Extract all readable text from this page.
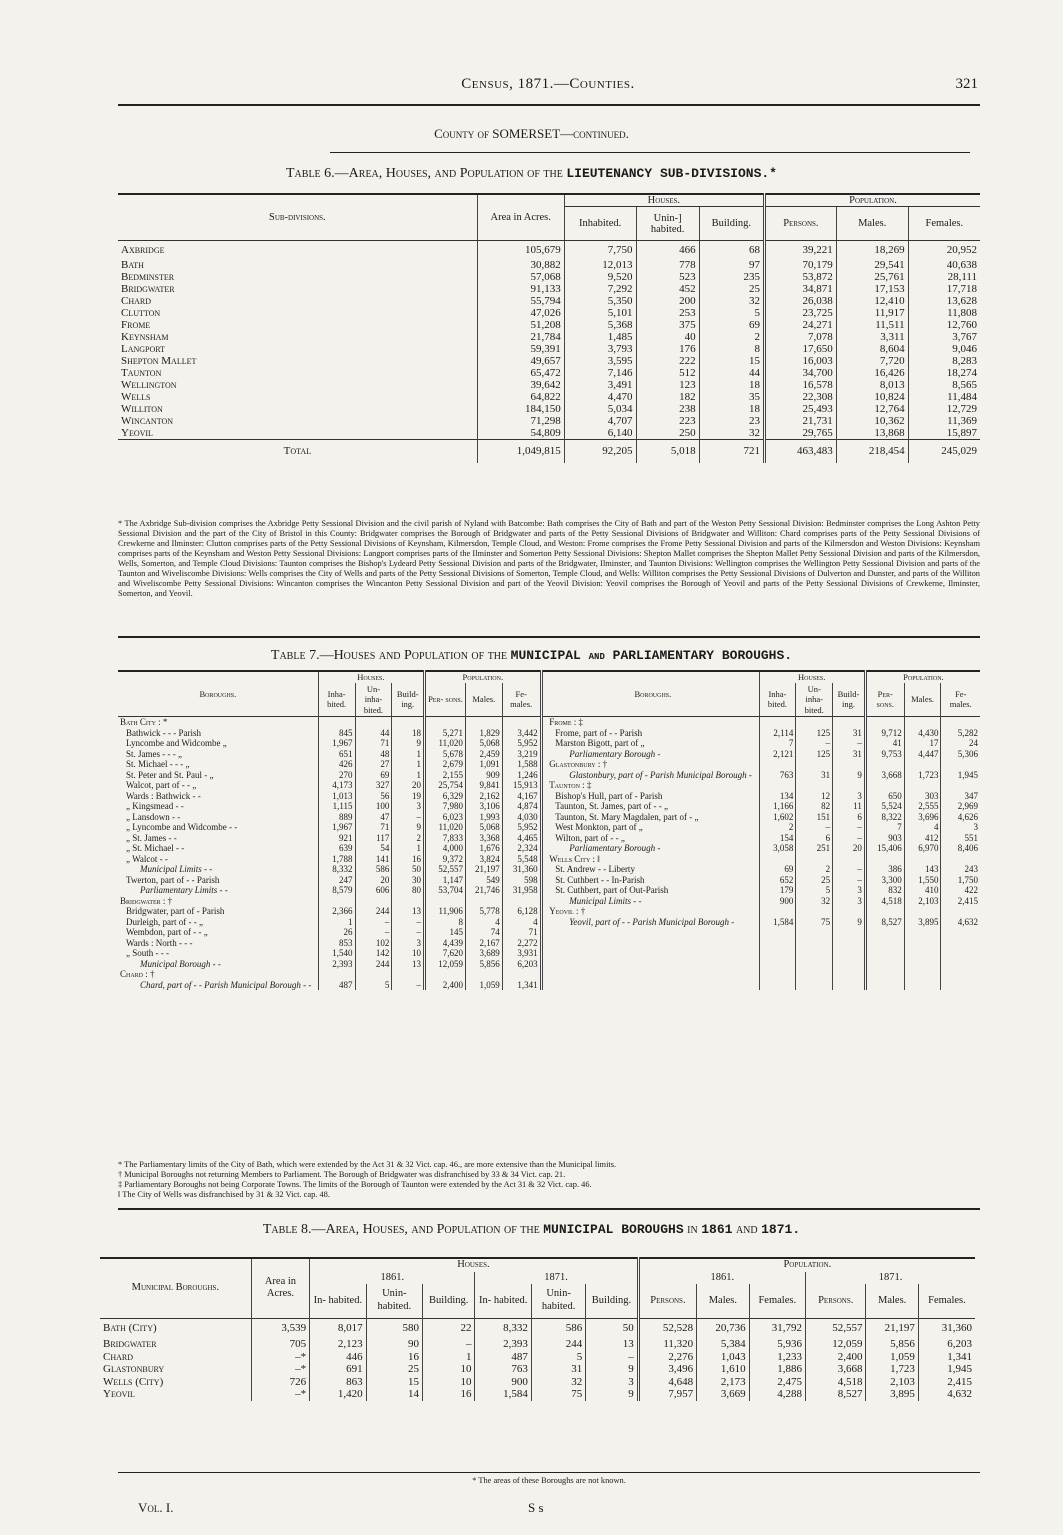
Census, 1871.—Counties.	321
County of SOMERSET—continued.
Table 6.—Area, Houses, and Population of the LIEUTENANCY SUB-DIVISIONS.*
Sub-divisions.	Area in Acres.	Houses.			Population.		
		Inhabited.	Unin-] habited.	Building.	Persons.	Males.	Females.
Axbridge	105,679	7,750	466	68	39,221	18,269	20,952
Bath	30,882	12,013	778	97	70,179	29,541	40,638
Bedminster	57,068	9,520	523	235	53,872	25,761	28,111
Bridgwater	91,133	7,292	452	25	34,871	17,153	17,718
Chard	55,794	5,350	200	32	26,038	12,410	13,628
Clutton	47,026	5,101	253	5	23,725	11,917	11,808
Frome	51,208	5,368	375	69	24,271	11,511	12,760
Keynsham	21,784	1,485	40	2	7,078	3,311	3,767
Langport	59,391	3,793	176	8	17,650	8,604	9,046
Shepton Mallet	49,657	3,595	222	15	16,003	7,720	8,283
Taunton	65,472	7,146	512	44	34,700	16,426	18,274
Wellington	39,642	3,491	123	18	16,578	8,013	8,565
Wells	64,822	4,470	182	35	22,308	10,824	11,484
Williton	184,150	5,034	238	18	25,493	12,764	12,729
Wincanton	71,298	4,707	223	23	21,731	10,362	11,369
Yeovil	54,809	6,140	250	32	29,765	13,868	15,897
Total	1,049,815	92,205	5,018	721	463,483	218,454	245,029
* The Axbridge Sub-division comprises the Axbridge Petty Sessional Division and the civil parish of Nyland with Batcombe: Bath comprises the City of Bath and part of the Weston Petty Sessional Division: Bedminster comprises the Long Ashton Petty Sessional Division and the part of the City of Bristol in this County: Bridgwater comprises the Borough of Bridgwater and parts of the Petty Sessional Divisions of Bridgwater and Williton: Chard comprises parts of the Petty Sessional Divisions of Crewkerne and Ilminster: Clutton comprises parts of the Petty Sessional Divisions of Keynsham, Kilmersdon, Temple Cloud, and Weston: Frome comprises the Frome Petty Sessional Division and parts of the Kilmersdon and Weston Divisions: Keynsham comprises parts of the Keynsham and Weston Petty Sessional Divisions: Langport comprises parts of the Ilminster and Somerton Petty Sessional Divisions: Shepton Mallet comprises the Shepton Mallet Petty Sessional Division and parts of the Kilmersdon, Wells, Somerton, and Temple Cloud Divisions: Taunton comprises the Bishop's Lydeard Petty Sessional Division and parts of the Bridgwater, Ilminster, and Taunton Divisions: Wellington comprises the Wellington Petty Sessional Division and parts of the Taunton and Wiveliscombe Divisions: Wells comprises the City of Wells and parts of the Petty Sessional Divisions of Somerton, Temple Cloud, and Wells: Williton comprises the Petty Sessional Divisions of Dulverton and Dunster, and parts of the Williton and Wiveliscombe Petty Sessional Divisions: Wincanton comprises the Wincanton Petty Sessional Division and part of the Yeovil Division: Yeovil comprises the Borough of Yeovil and parts of the Petty Sessional Divisions of Crewkerne, Ilminster, Somerton, and Yeovil.
Table 7.—Houses and Population of the MUNICIPAL and PARLIAMENTARY BOROUGHS.
Boroughs.	Houses.			Population.				Boroughs.	Houses.			Population.		
	Inha- bited.	Un- inha- bited.	Build- ing.	Per- sons.	Males.	Fe- males.			Inha- bited.	Un- inha- bited.	Build- ing.	Per- sons.	Males.	Fe- males.
Bath City : *								Frome : ‡						
Bathwick - - - Parish	845	44	18	5,271	1,829	3,442		Frome, part of - - Parish	2,114	125	31	9,712	4,430	5,282
Lyncombe and Widcombe „	1,967	71	9	11,020	5,068	5,952		Marston Bigott, part of „	7	–	–	41	17	24
St. James - - - „	651	48	1	5,678	2,459	3,219		Parliamentary Borough -	2,121	125	31	9,753	4,447	5,306
St. Michael - - - „	426	27	1	2,679	1,091	1,588		Glastonbury : †						
St. Peter and St. Paul - „	270	69	1	2,155	909	1,246		Glastonbury, part of - Parish Municipal Borough -	763	31	9	3,668	1,723	1,945
Walcot, part of - - „	4,173	327	20	25,754	9,841	15,913		Taunton : ‡						
Wards : Bathwick - -	1,013	56	19	6,329	2,162	4,167		Bishop's Hull, part of - Parish	134	12	3	650	303	347
„ Kingsmead - -	1,115	100	3	7,980	3,106	4,874		Taunton, St. James, part of - - „	1,166	82	11	5,524	2,555	2,969
„ Lansdown - -	889	47	–	6,023	1,993	4,030		Taunton, St. Mary Magdalen, part of - „	1,602	151	6	8,322	3,696	4,626
„ Lyncombe and Widcombe - -	1,967	71	9	11,020	5,068	5,952		West Monkton, part of „	2	–	–	7	4	3
„ St. James - -	921	117	2	7,833	3,368	4,465		Wilton, part of - - „	154	6	–	903	412	551
„ St. Michael - -	639	54	1	4,000	1,676	2,324		Parliamentary Borough -	3,058	251	20	15,406	6,970	8,406
„ Walcot - -	1,788	141	16	9,372	3,824	5,548		Wells City : ‖						
Municipal Limits - -	8,332	586	50	52,557	21,197	31,360		St. Andrew - - Liberty	69	2	–	386	143	243
Twerton, part of - - Parish	247	20	30	1,147	549	598		St. Cuthbert - - In-Parish	652	25	–	3,300	1,550	1,750
Parliamentary Limits - -	8,579	606	80	53,704	21,746	31,958		St. Cuthbert, part of Out-Parish	179	5	3	832	410	422
Bridgwater : †								Municipal Limits - -	900	32	3	4,518	2,103	2,415
Bridgwater, part of - Parish	2,366	244	13	11,906	5,778	6,128		Yeovil : †						
Durleigh, part of - - „	1	–	–	8	4	4		Yeovil, part of - - Parish Municipal Borough -	1,584	75	9	8,527	3,895	4,632
Wembdon, part of - - „	26	–	–	145	74	71								
Wards : North - - -	853	102	3	4,439	2,167	2,272								
„ South - - -	1,540	142	10	7,620	3,689	3,931								
Municipal Borough - -	2,393	244	13	12,059	5,856	6,203								
Chard : †														
Chard, part of - - Parish Municipal Borough - -	487	5	–	2,400	1,059	1,341								
* The Parliamentary limits of the City of Bath, which were extended by the Act 31 & 32 Vict. cap. 46., are more extensive than the Municipal limits.
† Municipal Boroughs not returning Members to Parliament. The Borough of Bridgwater was disfranchised by 33 & 34 Vict. cap. 21.
‡ Parliamentary Boroughs not being Corporate Towns. The limits of the Borough of Taunton were extended by the Act 31 & 32 Vict. cap. 46.
‖ The City of Wells was disfranchised by 31 & 32 Vict. cap. 48.
Table 8.—Area, Houses, and Population of the MUNICIPAL BOROUGHS in 1861 and 1871.
Municipal Boroughs.	Area in Acres.	Houses.						Population.					
		1861.			1871.			1861.			1871.		
		In- habited.	Unin- habited.	Building.	In- habited.	Unin- habited.	Building.	Persons.	Males.	Females.	Persons.	Males.	Females.
Bath (City)	3,539	8,017	580	22	8,332	586	50	52,528	20,736	31,792	52,557	21,197	31,360
Bridgwater	705	2,123	90	–	2,393	244	13	11,320	5,384	5,936	12,059	5,856	6,203
Chard	–*	446	16	1	487	5	–	2,276	1,043	1,233	2,400	1,059	1,341
Glastonbury	–*	691	25	10	763	31	9	3,496	1,610	1,886	3,668	1,723	1,945
Wells (City)	726	863	15	10	900	32	3	4,648	2,173	2,475	4,518	2,103	2,415
Yeovil	–*	1,420	14	16	1,584	75	9	7,957	3,669	4,288	8,527	3,895	4,632
* The areas of these Boroughs are not known.
Vol. I.	S s
